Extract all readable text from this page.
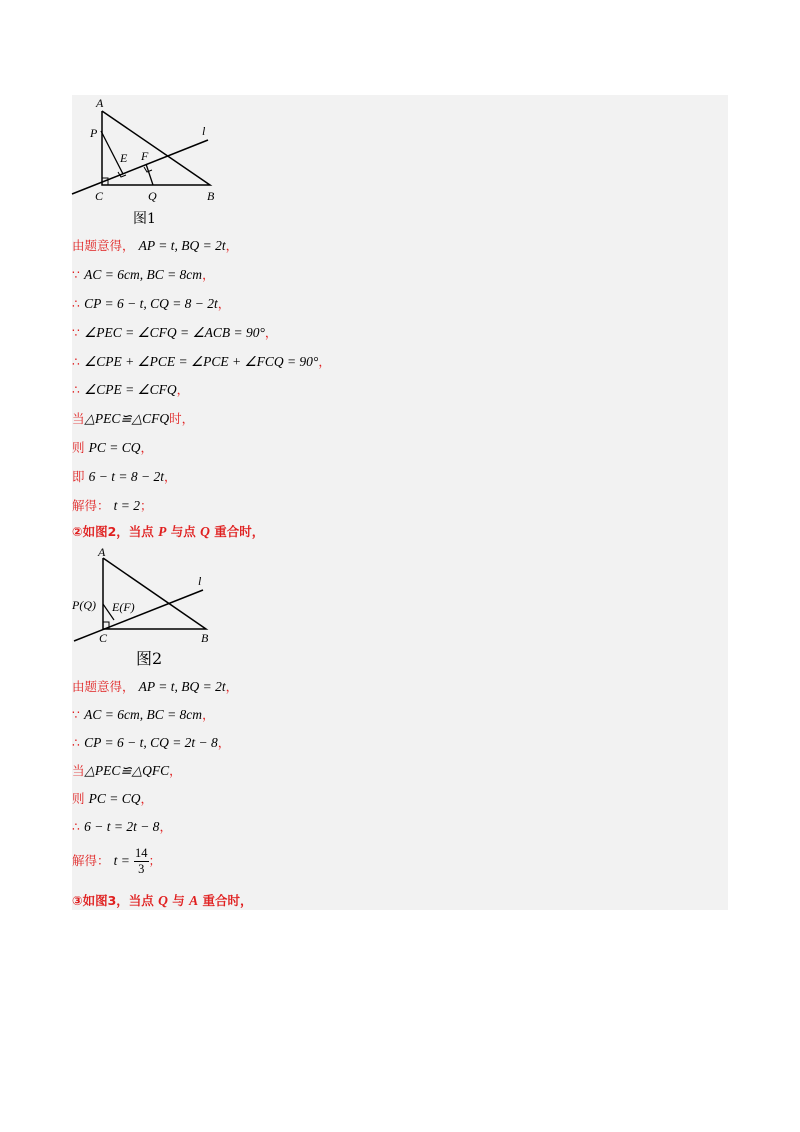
A
P
E F
l
C	Q	B
图1
由题意得， AP = t, BQ = 2t，
∵ AC = 6cm, BC = 8cm，
∴ CP = 6 − t, CQ = 8 − 2t，
∵ ∠PEC = ∠CFQ = ∠ACB = 90°，
∴ ∠CPE + ∠PCE = ∠PCE + ∠FCQ = 90°，
∴ ∠CPE = ∠CFQ，
当△PEC≌△CFQ时，
则 PC = CQ，
即 6 − t = 8 − 2t，
解得： t = 2；
②如图2，当点 P 与点 Q 重合时，
A
P(Q) E(F)
l
C	B
图2
由题意得， AP = t, BQ = 2t，
∵ AC = 6cm, BC = 8cm，
∴ CP = 6 − t, CQ = 2t − 8，
当△PEC≌△QFC，
则 PC = CQ，
∴ 6 − t = 2t − 8，
解得： $t = \frac{14}{3}$ ；
③如图3，当点 Q 与 A 重合时，
